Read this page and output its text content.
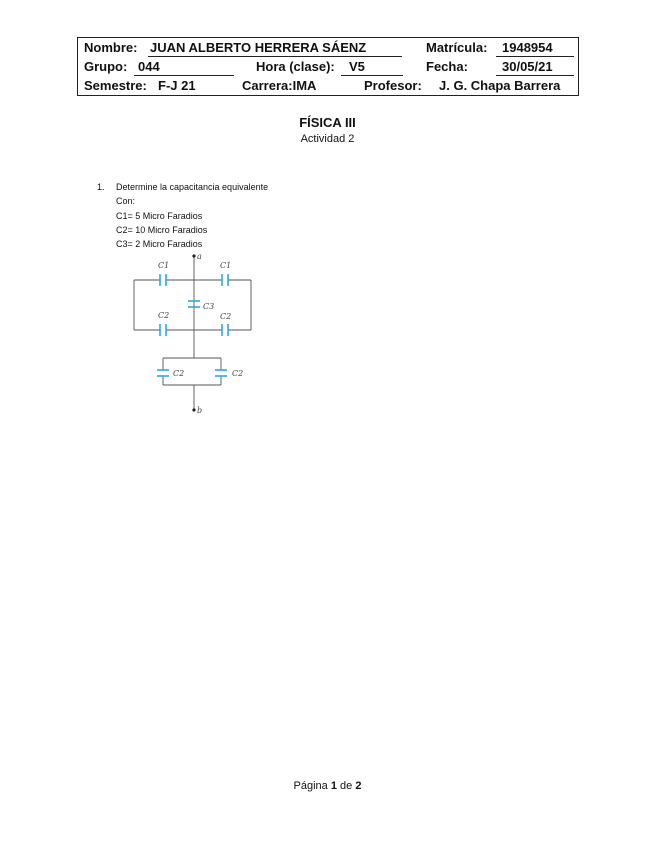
Nombre: JUAN ALBERTO HERRERA SÁENZ	Matrícula: 1948954
Grupo: 044	Hora (clase): V5	Fecha:	30/05/21
Semestre: F-J 21	Carrera:IMA	Profesor: J. G. Chapa Barrera
FÍSICA III
Actividad 2
1. Determine la capacitancia equivalente
Con:
C1= 5 Micro Faradios
C2= 10 Micro Faradios
C3= 2 Micro Faradios
a
b
C1	C1
C3
C2	C2
C2	C2
Página 1 de 2
